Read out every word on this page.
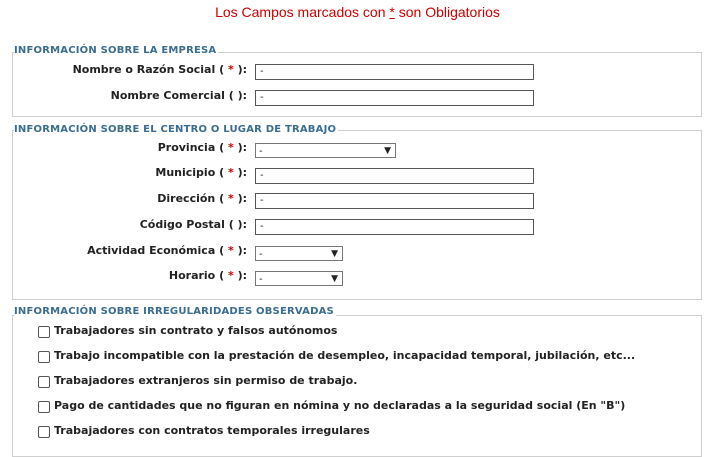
Los Campos marcados con * son Obligatorios
INFORMACIÓN SOBRE LA EMPRESA
Nombre o Razón Social ( * ):	-
Nombre Comercial ( ):	-
INFORMACIÓN SOBRE EL CENTRO O LUGAR DE TRABAJO
Provincia ( * ):	-	▼
Municipio ( * ):	-
Dirección ( * ):	-
Código Postal ( ):	-
Actividad Económica ( * ):	-	▼
Horario ( * ):	-	▼
INFORMACIÓN SOBRE IRREGULARIDADES OBSERVADAS
Trabajadores sin contrato y falsos autónomos
Trabajo incompatible con la prestación de desempleo, incapacidad temporal, jubilación, etc...
Trabajadores extranjeros sin permiso de trabajo.
Pago de cantidades que no figuran en nómina y no declaradas a la seguridad social (En "B")
Trabajadores con contratos temporales irregulares
